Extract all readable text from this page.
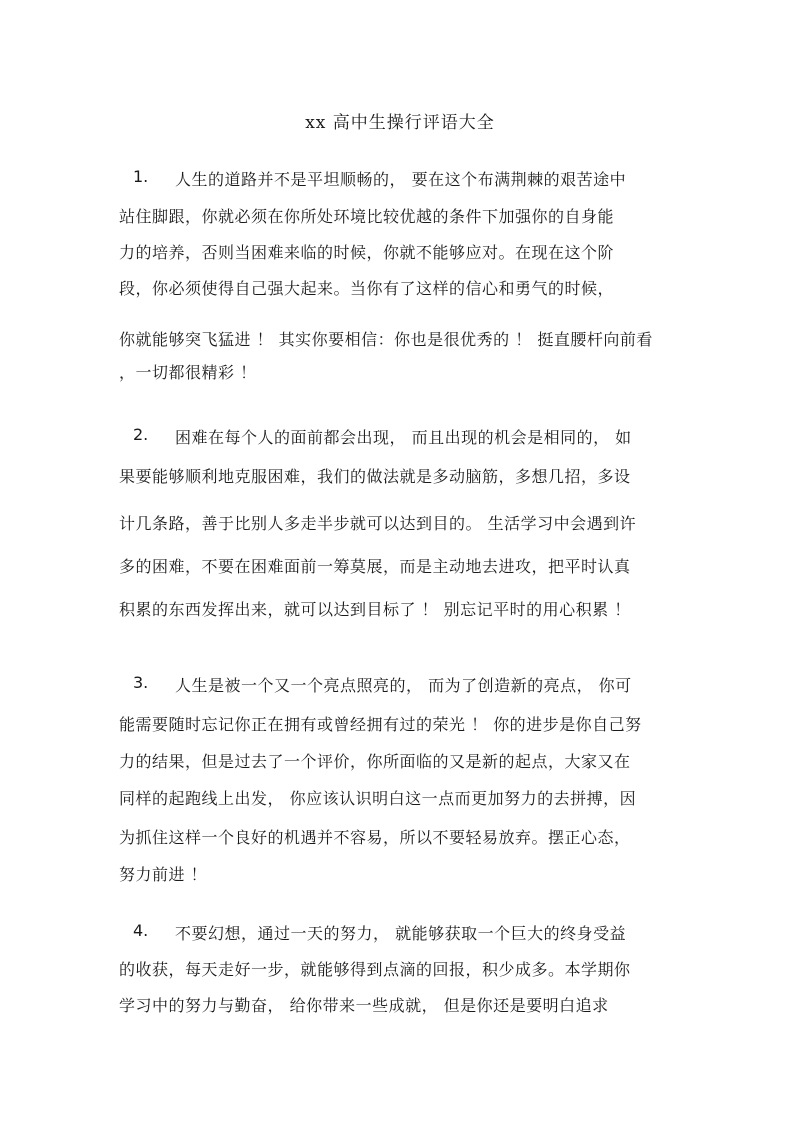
xx 高中生操行评语大全
1. 人生的道路并不是平坦顺畅的， 要在这个布满荆棘的艰苦途中

站住脚跟，你就必须在你所处环境比较优越的条件下加强你的自身能

力的培养，否则当困难来临的时候，你就不能够应对。在现在这个阶

段，你必须使得自己强大起来。当你有了这样的信心和勇气的时候，

你就能够突飞猛进 ！ 其实你要相信：你也是很优秀的 ！ 挺直腰杆向前看

，一切都很精彩 ！

2. 困难在每个人的面前都会出现， 而且出现的机会是相同的， 如

果要能够顺利地克服困难，我们的做法就是多动脑筋，多想几招，多设

计几条路，善于比别人多走半步就可以达到目的。 生活学习中会遇到许

多的困难，不要在困难面前一筹莫展，而是主动地去进攻，把平时认真

积累的东西发挥出来，就可以达到目标了 ！ 别忘记平时的用心积累 ！

3. 人生是被一个又一个亮点照亮的， 而为了创造新的亮点， 你可

能需要随时忘记你正在拥有或曾经拥有过的荣光 ！ 你的进步是你自己努

力的结果，但是过去了一个评价，你所面临的又是新的起点，大家又在

同样的起跑线上出发， 你应该认识明白这一点而更加努力的去拼搏，因

为抓住这样一个良好的机遇并不容易，所以不要轻易放弃。摆正心态，

努力前进 ！

4. 不要幻想，通过一天的努力， 就能够获取一个巨大的终身受益

的收获，每天走好一步，就能够得到点滴的回报，积少成多。本学期你

学习中的努力与勤奋， 给你带来一些成就， 但是你还是要明白追求
